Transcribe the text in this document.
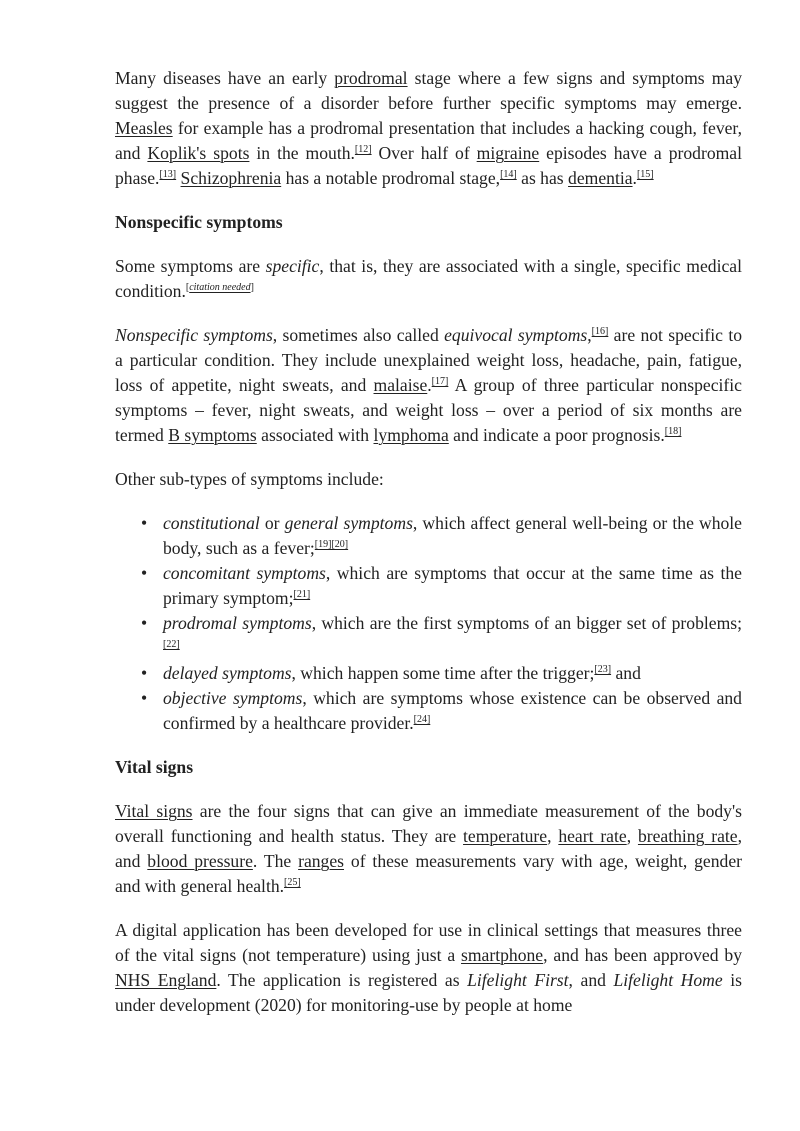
Many diseases have an early prodromal stage where a few signs and symptoms may suggest the presence of a disorder before further specific symptoms may emerge. Measles for example has a prodromal presentation that includes a hacking cough, fever, and Koplik's spots in the mouth.[12] Over half of migraine episodes have a prodromal phase.[13] Schizophrenia has a notable prodromal stage,[14] as has dementia.[15]

Nonspecific symptoms

Some symptoms are specific, that is, they are associated with a single, specific medical condition.[citation needed]

Nonspecific symptoms, sometimes also called equivocal symptoms,[16] are not specific to a particular condition. They include unexplained weight loss, headache, pain, fatigue, loss of appetite, night sweats, and malaise.[17] A group of three particular nonspecific symptoms – fever, night sweats, and weight loss – over a period of six months are termed B symptoms associated with lymphoma and indicate a poor prognosis.[18]

Other sub-types of symptoms include:

• constitutional or general symptoms, which affect general well-being or the whole body, such as a fever;[19][20]
• concomitant symptoms, which are symptoms that occur at the same time as the primary symptom;[21]
• prodromal symptoms, which are the first symptoms of an bigger set of problems;[22]
• delayed symptoms, which happen some time after the trigger;[23] and
• objective symptoms, which are symptoms whose existence can be observed and confirmed by a healthcare provider.[24]
Vital signs

Vital signs are the four signs that can give an immediate measurement of the body's overall functioning and health status. They are temperature, heart rate, breathing rate, and blood pressure. The ranges of these measurements vary with age, weight, gender and with general health.[25]

A digital application has been developed for use in clinical settings that measures three of the vital signs (not temperature) using just a smartphone, and has been approved by NHS England. The application is registered as Lifelight First, and Lifelight Home is under development (2020) for monitoring-use by people at home
